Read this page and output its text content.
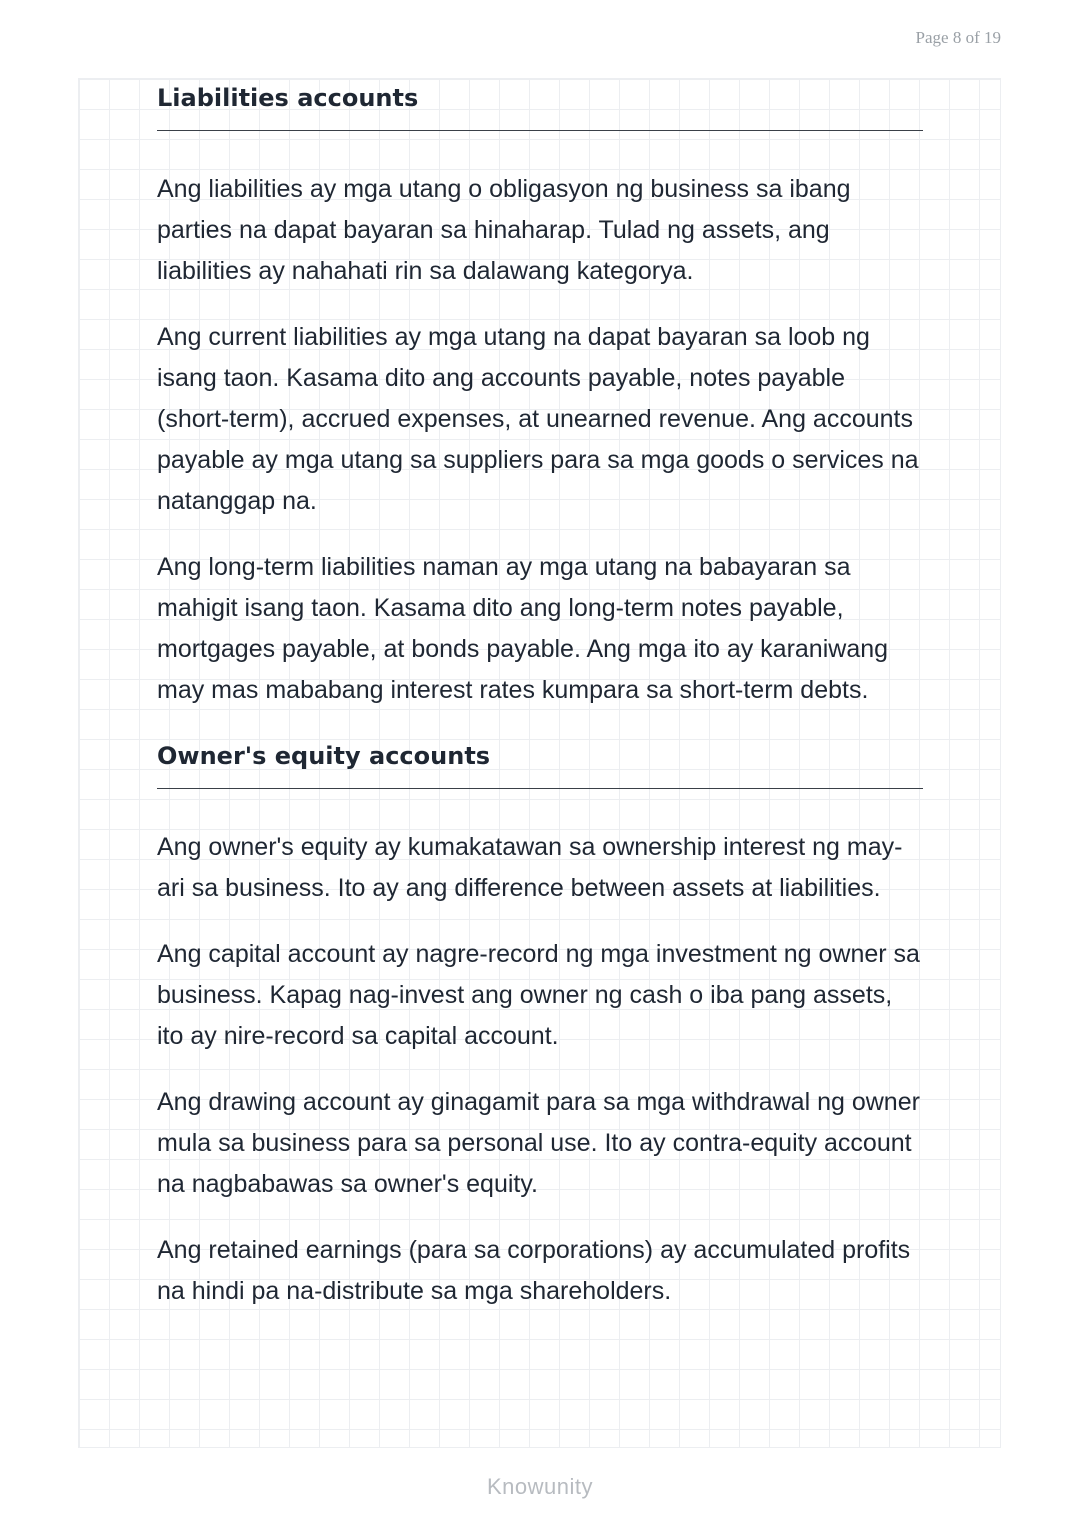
Page 8 of 19
Liabilities accounts

Ang liabilities ay mga utang o obligasyon ng business sa ibang parties na dapat bayaran sa hinaharap. Tulad ng assets, ang liabilities ay nahahati rin sa dalawang kategorya.

Ang current liabilities ay mga utang na dapat bayaran sa loob ng isang taon. Kasama dito ang accounts payable, notes payable (short-term), accrued expenses, at unearned revenue. Ang accounts payable ay mga utang sa suppliers para sa mga goods o services na natanggap na.

Ang long-term liabilities naman ay mga utang na babayaran sa mahigit isang taon. Kasama dito ang long-term notes payable, mortgages payable, at bonds payable. Ang mga ito ay karaniwang may mas mababang interest rates kumpara sa short-term debts.

Owner's equity accounts

Ang owner's equity ay kumakatawan sa ownership interest ng may-ari sa business. Ito ay ang difference between assets at liabilities.

Ang capital account ay nagre-record ng mga investment ng owner sa business. Kapag nag-invest ang owner ng cash o iba pang assets, ito ay nire-record sa capital account.

Ang drawing account ay ginagamit para sa mga withdrawal ng owner mula sa business para sa personal use. Ito ay contra-equity account na nagbabawas sa owner's equity.

Ang retained earnings (para sa corporations) ay accumulated profits na hindi pa na-distribute sa mga shareholders.

Knowunity
